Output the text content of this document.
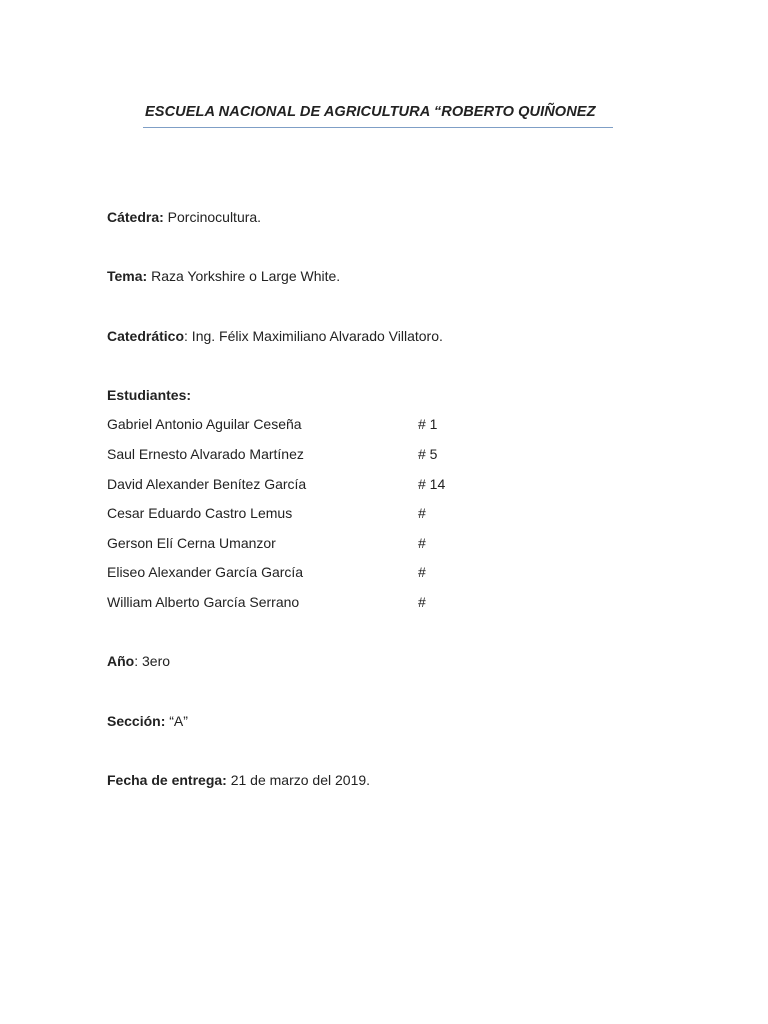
ESCUELA NACIONAL DE AGRICULTURA “ROBERTO QUIÑONEZ
Cátedra: Porcinocultura.
Tema: Raza Yorkshire o Large White.
Catedrático: Ing. Félix Maximiliano Alvarado Villatoro.
Estudiantes:
Gabriel Antonio Aguilar Ceseña	# 1
Saul Ernesto Alvarado Martínez	# 5
David Alexander Benítez García	# 14
Cesar Eduardo Castro Lemus	#
Gerson Elí Cerna Umanzor	#
Eliseo Alexander García García	#
William Alberto García Serrano	#
Año: 3ero
Sección: “A”
Fecha de entrega: 21 de marzo del 2019.
